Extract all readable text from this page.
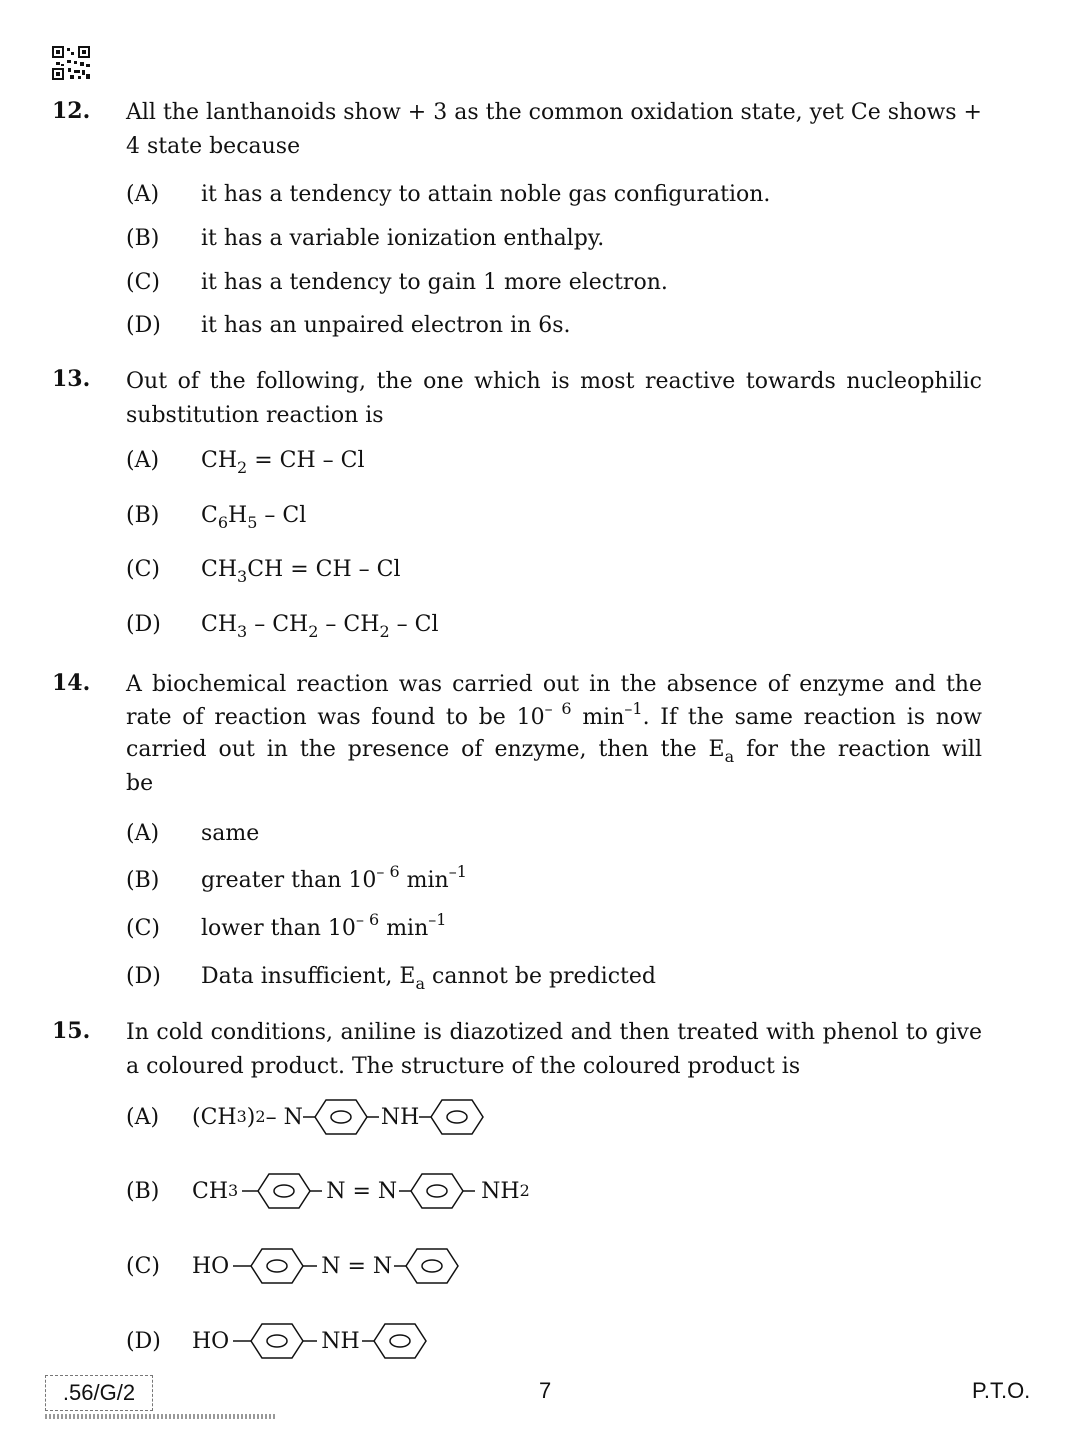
12. All the lanthanoids show + 3 as the common oxidation state, yet Ce shows + 4 state because
(A) it has a tendency to attain noble gas configuration.
(B) it has a variable ionization enthalpy.
(C) it has a tendency to gain 1 more electron.
(D) it has an unpaired electron in 6s.
13. Out of the following, the one which is most reactive towards nucleophilic substitution reaction is
(A) $CH_2$ = CH – Cl
(B) $C_6H_5$ – Cl
(C) $CH_3CH$ = CH – Cl
(D) $CH_3 - CH_2 - CH_2$ – Cl
14. A biochemical reaction was carried out in the absence of enzyme and the
rate of reaction was found to be $10^{- 6}$ $\min^{-1}$. If the same reaction is now
carried out in the presence of enzyme, then the $E_a$ for the reaction will
be
(A) same
(B) greater than $10^{- 6}$ $\min^{-1}$
(C) lower than $10^{- 6}$ $\min^{-1}$
(D) Data insufficient, $E_a$ cannot be predicted
15. In cold conditions, aniline is diazotized and then treated with phenol to give a coloured product. The structure of the coloured product is
(A) (CH 3 ) 2 – N	NH
(B) CH 3	N = N	NH 2
(C) HO	N = N
(D) HO	NH
.56/G/2	7	P.T.O.
